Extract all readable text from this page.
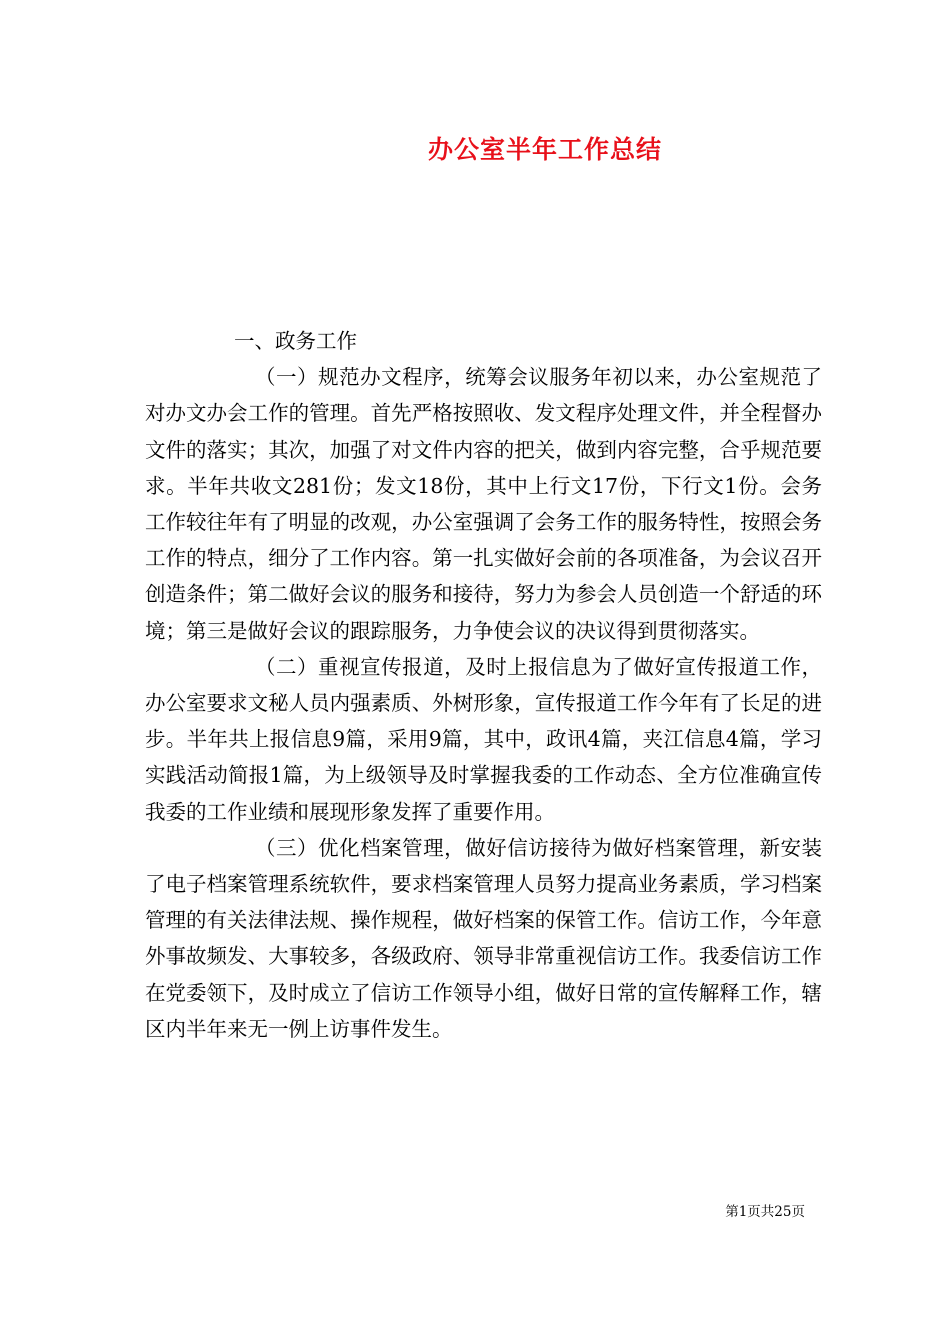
办公室半年工作总结

一、政务工作

（一）规范办文程序，统筹会议服务年初以来，办公室规范了对办文办会工作的管理。首先严格按照收、发文程序处理文件，并全程督办文件的落实；其次，加强了对文件内容的把关，做到内容完整，合乎规范要求。半年共收文281份；发文18份，其中上行文17份，下行文1份。会务工作较往年有了明显的改观，办公室强调了会务工作的服务特性，按照会务工作的特点，细分了工作内容。第一扎实做好会前的各项准备，为会议召开创造条件；第二做好会议的服务和接待，努力为参会人员创造一个舒适的环境；第三是做好会议的跟踪服务，力争使会议的决议得到贯彻落实。

（二）重视宣传报道，及时上报信息为了做好宣传报道工作，办公室要求文秘人员内强素质、外树形象，宣传报道工作今年有了长足的进步。半年共上报信息9篇，采用9篇，其中，政讯4篇，夹江信息4篇，学习实践活动简报1篇，为上级领导及时掌握我委的工作动态、全方位准确宣传我委的工作业绩和展现形象发挥了重要作用。

（三）优化档案管理，做好信访接待为做好档案管理，新安装了电子档案管理系统软件，要求档案管理人员努力提高业务素质，学习档案管理的有关法律法规、操作规程，做好档案的保管工作。信访工作，今年意外事故频发、大事较多，各级政府、领导非常重视信访工作。我委信访工作在党委领下，及时成立了信访工作领导小组，做好日常的宣传解释工作，辖区内半年来无一例上访事件发生。

第1页共25页
